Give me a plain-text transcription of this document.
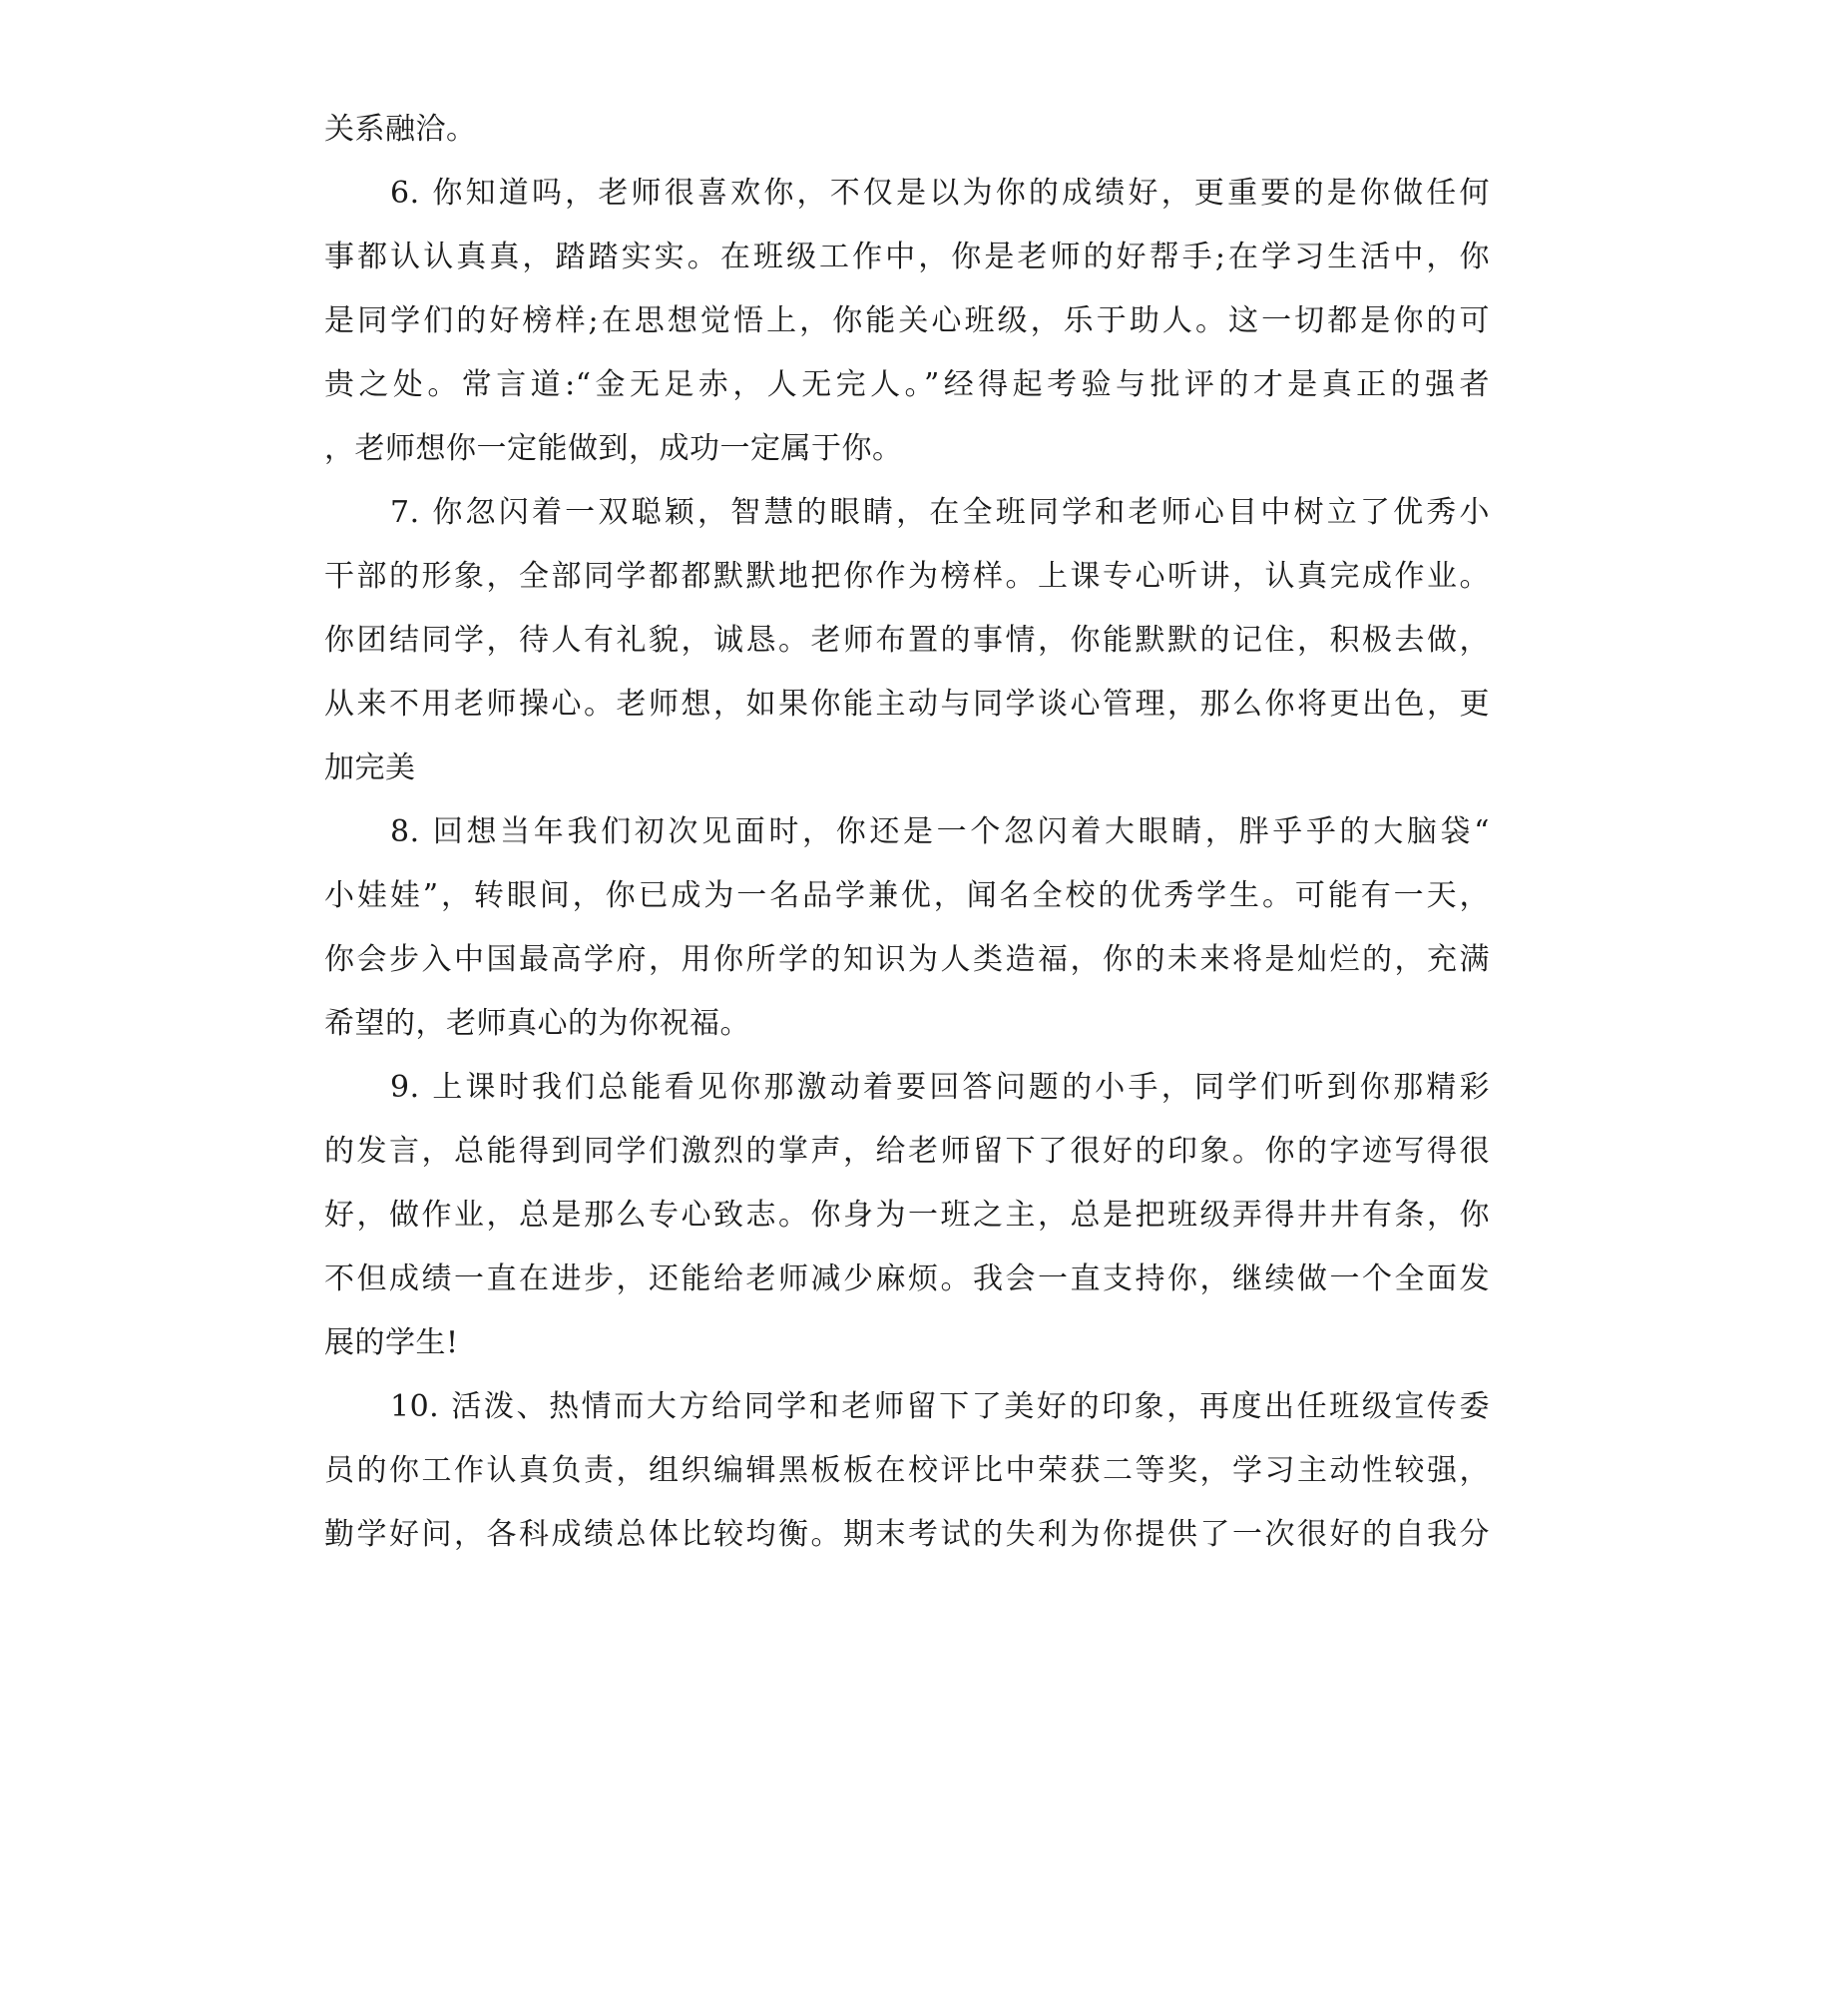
关系融洽。
6. 你知道吗，老师很喜欢你，不仅是以为你的成绩好，更重要的是你做任何
事都认认真真，踏踏实实。在班级工作中，你是老师的好帮手;在学习生活中，你
是同学们的好榜样;在思想觉悟上，你能关心班级，乐于助人。这一切都是你的可
贵之处。常言道:“金无足赤，人无完人。”经得起考验与批评的才是真正的强者
，老师想你一定能做到，成功一定属于你。
7. 你忽闪着一双聪颖，智慧的眼睛，在全班同学和老师心目中树立了优秀小
干部的形象，全部同学都都默默地把你作为榜样。上课专心听讲，认真完成作业。
你团结同学，待人有礼貌，诚恳。老师布置的事情，你能默默的记住，积极去做，
从来不用老师操心。老师想，如果你能主动与同学谈心管理，那么你将更出色，更
加完美
8. 回想当年我们初次见面时，你还是一个忽闪着大眼睛，胖乎乎的大脑袋“
小娃娃”，转眼间，你已成为一名品学兼优，闻名全校的优秀学生。可能有一天，
你会步入中国最高学府，用你所学的知识为人类造福，你的未来将是灿烂的，充满
希望的，老师真心的为你祝福。
9. 上课时我们总能看见你那激动着要回答问题的小手，同学们听到你那精彩
的发言，总能得到同学们激烈的掌声，给老师留下了很好的印象。你的字迹写得很
好，做作业，总是那么专心致志。你身为一班之主，总是把班级弄得井井有条，你
不但成绩一直在进步，还能给老师减少麻烦。我会一直支持你，继续做一个全面发
展的学生!
10. 活泼、热情而大方给同学和老师留下了美好的印象，再度出任班级宣传委
员的你工作认真负责，组织编辑黑板板在校评比中荣获二等奖，学习主动性较强，
勤学好问，各科成绩总体比较均衡。期末考试的失利为你提供了一次很好的自我分
